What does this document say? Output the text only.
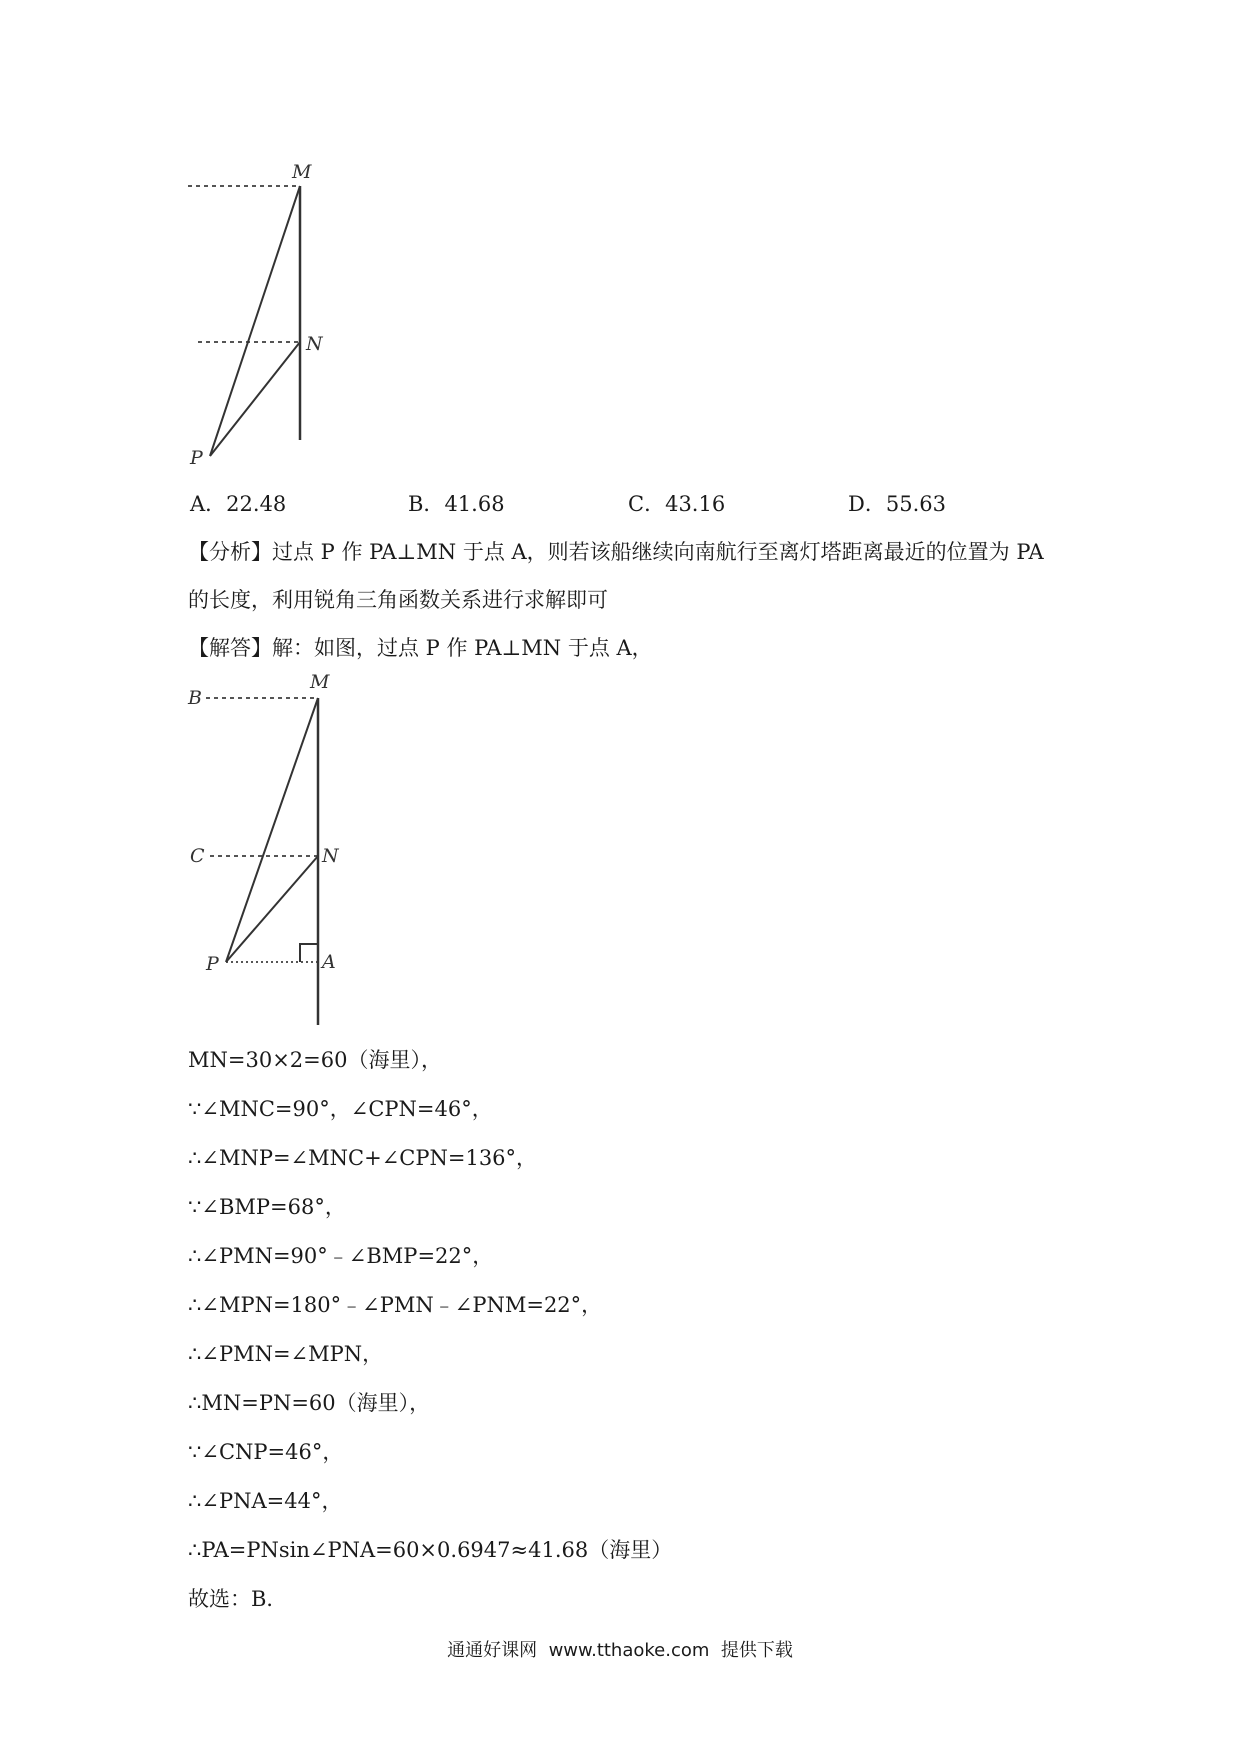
M
N
P
A．22.48	B．41.68	C．43.16	D．55.63
【分析】过点 P 作 PA⊥MN 于点 A，则若该船继续向南航行至离灯塔距离最近的位置为 PA 的长度，利用锐角三角函数关系进行求解即可
【解答】解：如图，过点 P 作 PA⊥MN 于点 A，
B
M
C	N
P	A
MN=30×2=60（海里），
∵∠MNC=90°，∠CPN=46°，
∴∠MNP=∠MNC+∠CPN=136°，
∵∠BMP=68°，
∴∠PMN=90°﹣∠BMP=22°，
∴∠MPN=180°﹣∠PMN﹣∠PNM=22°，
∴∠PMN=∠MPN，
∴MN=PN=60（海里），
∵∠CNP=46°，
∴∠PNA=44°，
∴PA=PNsin∠PNA=60×0.6947≈41.68（海里）
故选：B．
通通好课网  www.tthaoke.com  提供下载
